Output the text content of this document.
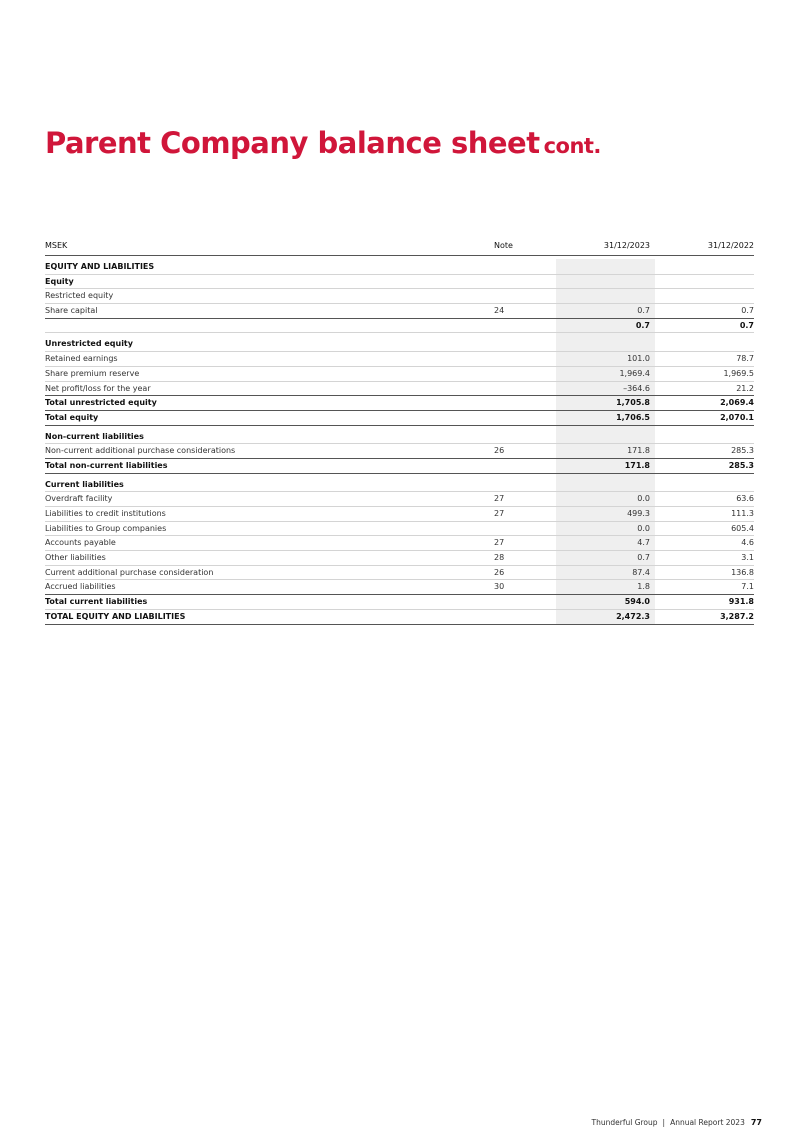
Parent Company balance sheet cont.
MSEK	Note	31/12/2023	31/12/2022
EQUITY AND LIABILITIES
Equity
Restricted equity
Share capital	24	0.7	0.7
0.7	0.7
Unrestricted equity
Retained earnings	101.0	78.7
Share premium reserve	1,969.4	1,969.5
Net profit/loss for the year	–364.6	21.2
Total unrestricted equity	1,705.8	2,069.4
Total equity	1,706.5	2,070.1
Non-current liabilities
Non-current additional purchase considerations	26	171.8	285.3
Total non-current liabilities	171.8	285.3
Current liabilities
Overdraft facility	27	0.0	63.6
Liabilities to credit institutions	27	499.3	111.3
Liabilities to Group companies	0.0	605.4
Accounts payable	27	4.7	4.6
Other liabilities	28	0.7	3.1
Current additional purchase consideration	26	87.4	136.8
Accrued liabilities	30	1.8	7.1
Total current liabilities	594.0	931.8
TOTAL EQUITY AND LIABILITIES	2,472.3	3,287.2
Thunderful Group | Annual Report 2023 77
